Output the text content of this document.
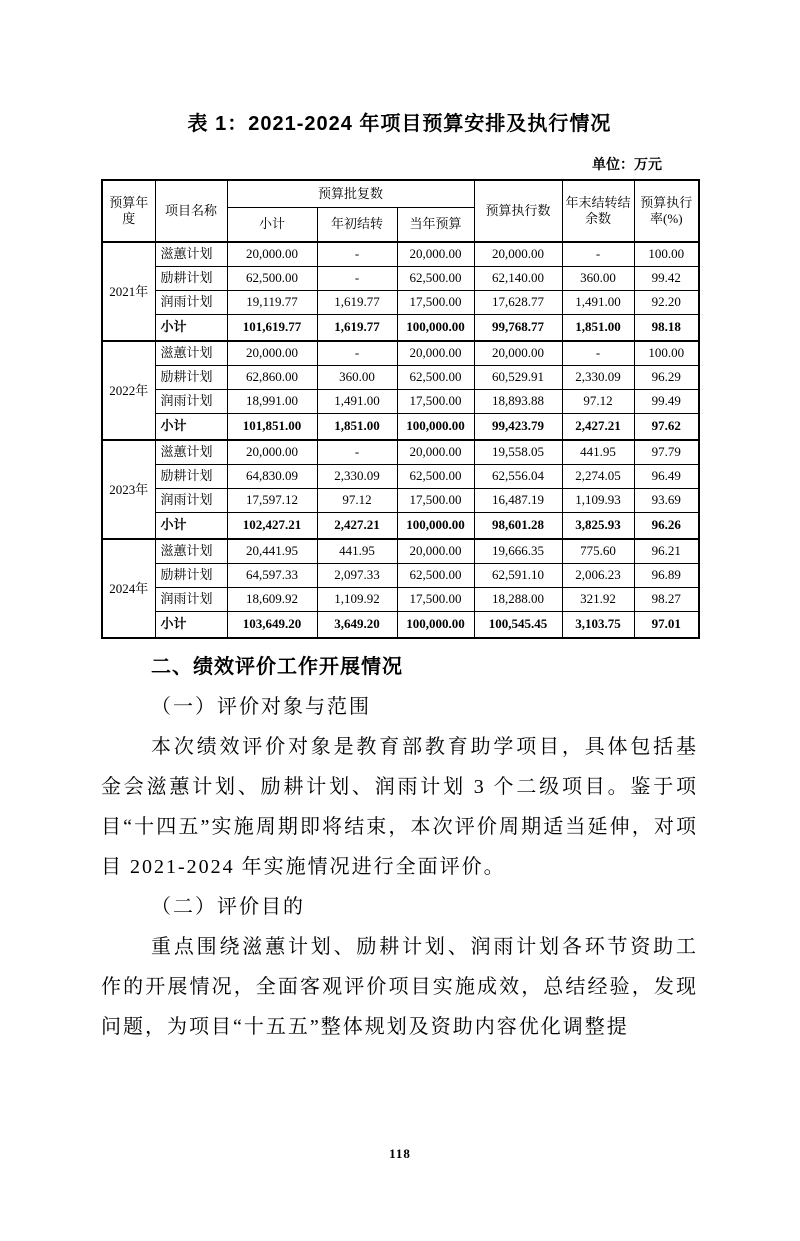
表 1：2021-2024 年项目预算安排及执行情况
单位：万元
预算年度	项目名称	预算批复数			预算执行数	年末结转结余数	预算执行率(%)
		小计	年初结转	当年预算			
2021年	滋蕙计划	20,000.00	-	20,000.00	20,000.00	-	100.00
	励耕计划	62,500.00	-	62,500.00	62,140.00	360.00	99.42
	润雨计划	19,119.77	1,619.77	17,500.00	17,628.77	1,491.00	92.20
	小计	101,619.77	1,619.77	100,000.00	99,768.77	1,851.00	98.18
2022年	滋蕙计划	20,000.00	-	20,000.00	20,000.00	-	100.00
	励耕计划	62,860.00	360.00	62,500.00	60,529.91	2,330.09	96.29
	润雨计划	18,991.00	1,491.00	17,500.00	18,893.88	97.12	99.49
	小计	101,851.00	1,851.00	100,000.00	99,423.79	2,427.21	97.62
2023年	滋蕙计划	20,000.00	-	20,000.00	19,558.05	441.95	97.79
	励耕计划	64,830.09	2,330.09	62,500.00	62,556.04	2,274.05	96.49
	润雨计划	17,597.12	97.12	17,500.00	16,487.19	1,109.93	93.69
	小计	102,427.21	2,427.21	100,000.00	98,601.28	3,825.93	96.26
2024年	滋蕙计划	20,441.95	441.95	20,000.00	19,666.35	775.60	96.21
	励耕计划	64,597.33	2,097.33	62,500.00	62,591.10	2,006.23	96.89
	润雨计划	18,609.92	1,109.92	17,500.00	18,288.00	321.92	98.27
	小计	103,649.20	3,649.20	100,000.00	100,545.45	3,103.75	97.01
二、绩效评价工作开展情况
（一）评价对象与范围

本次绩效评价对象是教育部教育助学项目，具体包括基金会滋蕙计划、励耕计划、润雨计划 3 个二级项目。鉴于项目“十四五”实施周期即将结束，本次评价周期适当延伸，对项目 2021-2024 年实施情况进行全面评价。

（二）评价目的

重点围绕滋蕙计划、励耕计划、润雨计划各环节资助工作的开展情况，全面客观评价项目实施成效，总结经验，发现问题，为项目“十五五”整体规划及资助内容优化调整提

118
